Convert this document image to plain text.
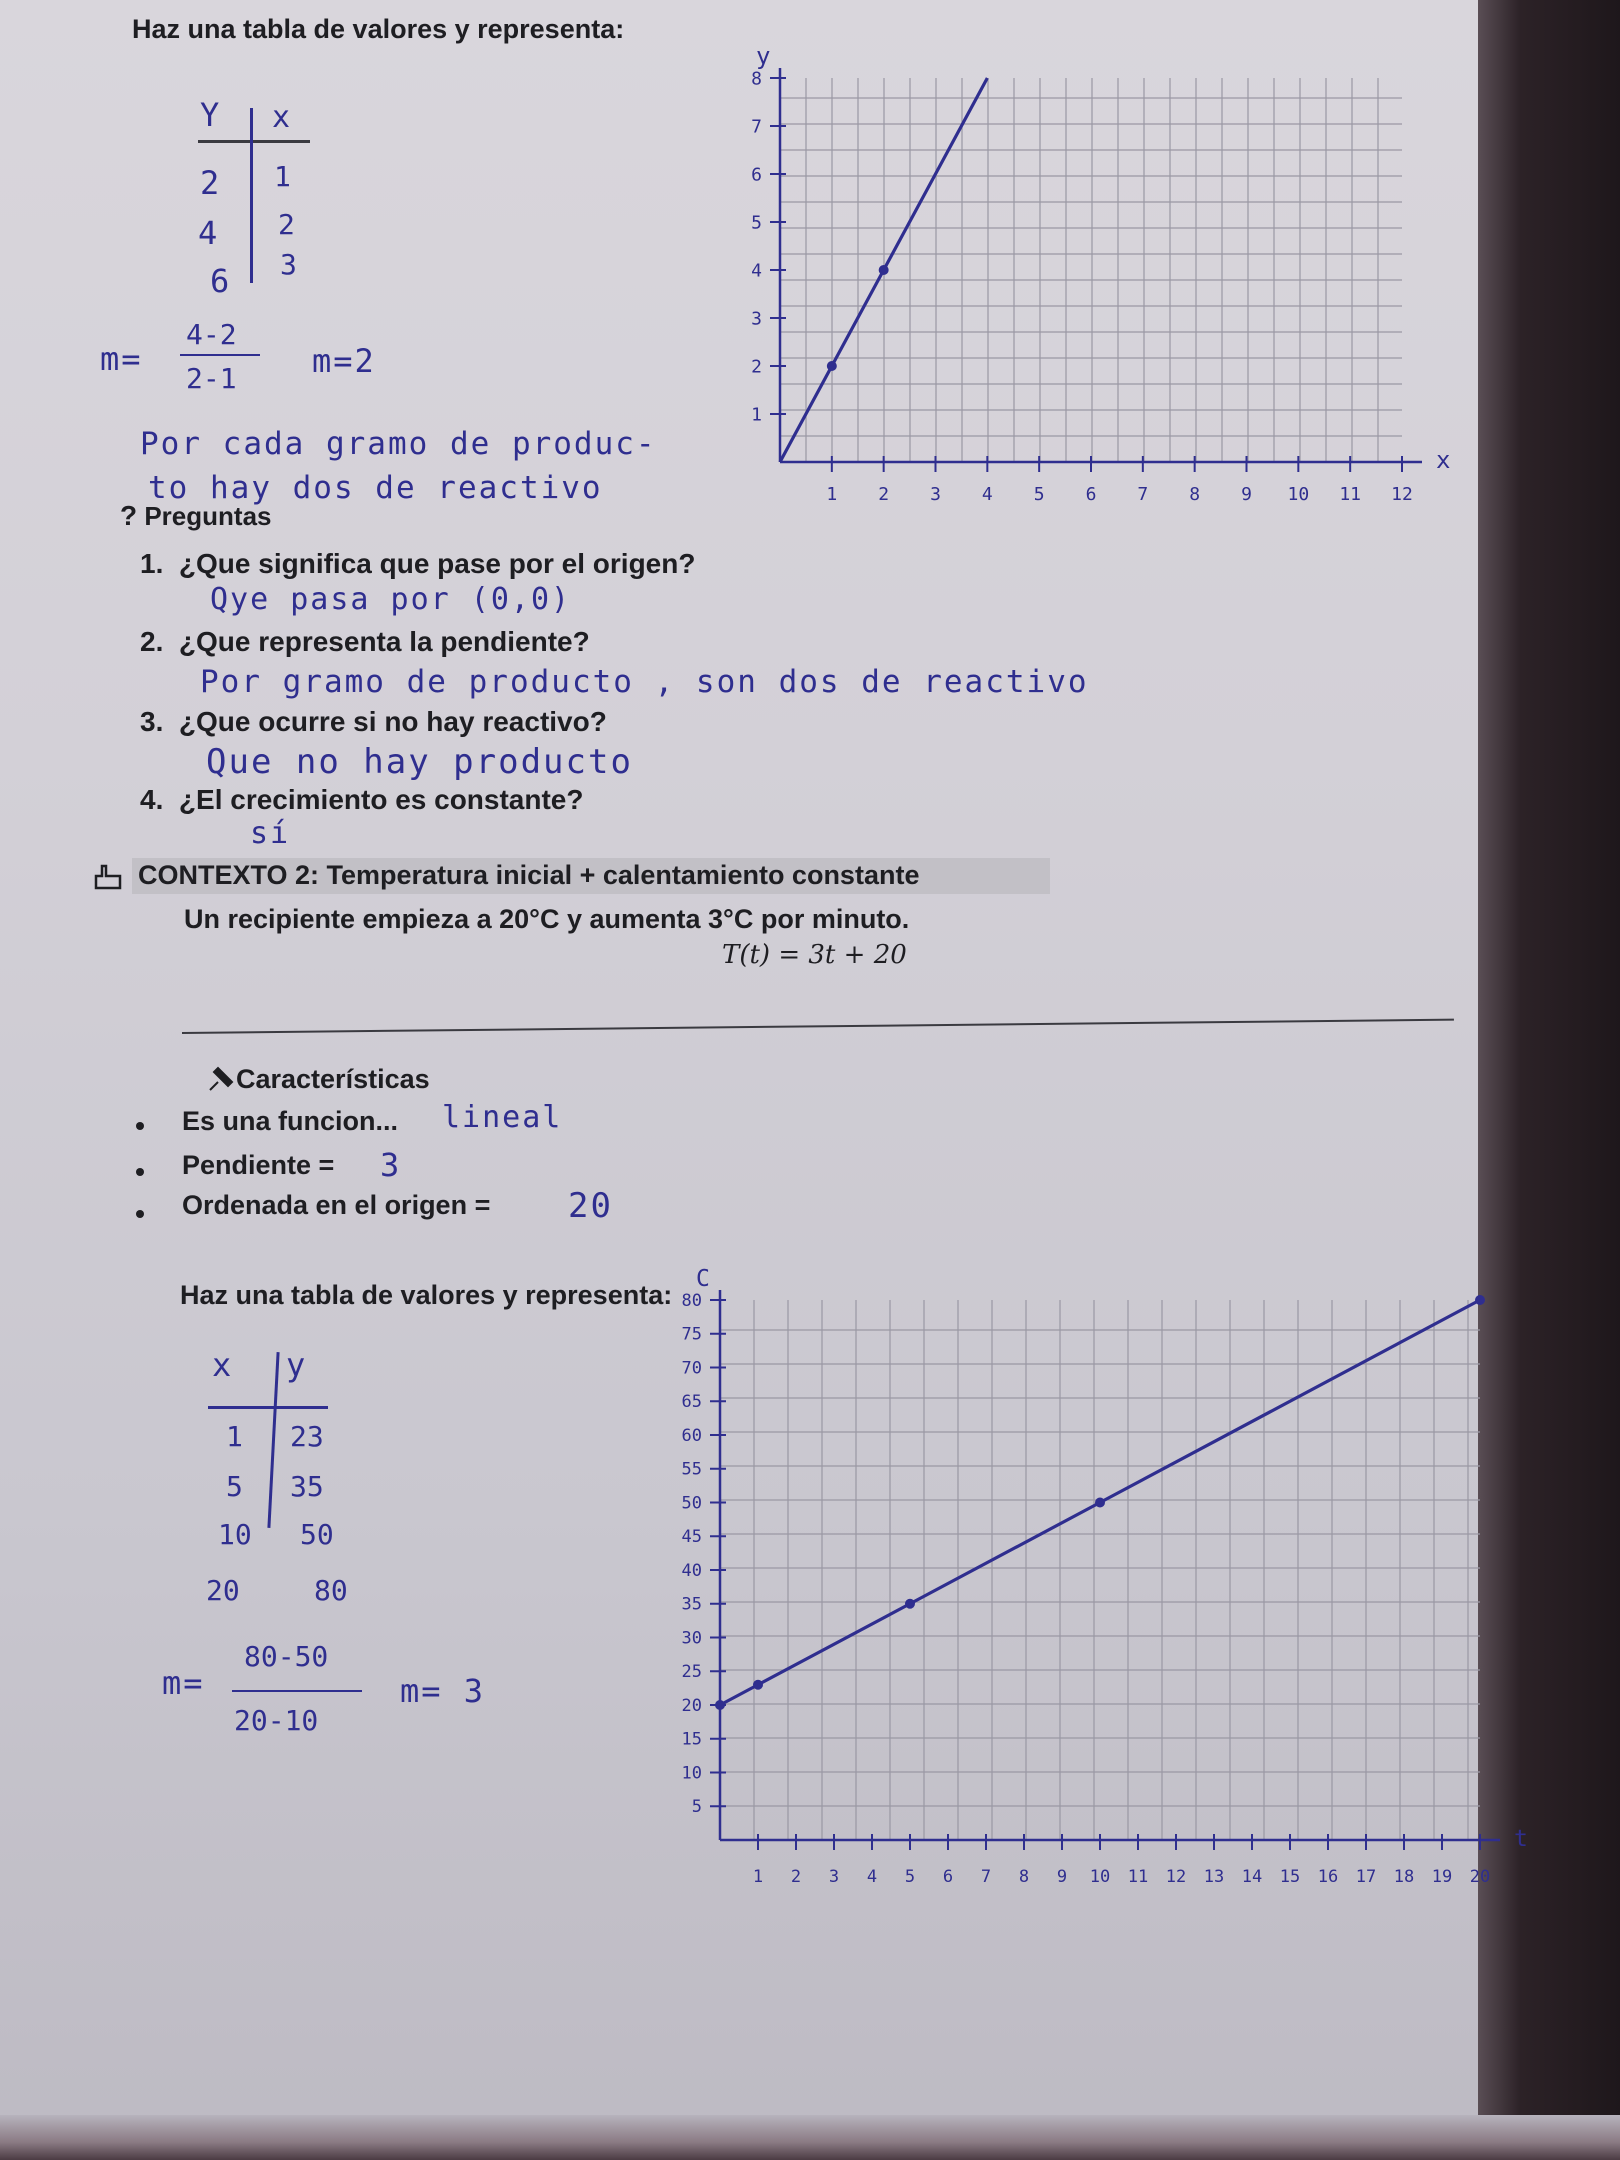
Haz una tabla de valores y representa:
Y x
2 1
4 2
6 3
m=
4-2
2-1 m=2
Por cada gramo de produc-
to hay dos de reactivo	1 2 3 4 5 6 7 8 9 10 11 12
1
2
3
4
5
6
7
8
x
y
? Preguntas
1. ¿Que significa que pase por el origen?
Qye pasa por (0,0)
2. ¿Que representa la pendiente?
Por gramo de producto , son dos de reactivo
3. ¿Que ocurre si no hay reactivo?
Que no hay producto
4. ¿El crecimiento es constante?
sí
CONTEXTO 2: Temperatura inicial + calentamiento constante
Un recipiente empieza a 20°C y aumenta 3°C por minuto.
T(t) = 3t + 20
Características
Es una funcion... lineal
Pendiente = 3
Ordenada en el origen = 20
Haz una tabla de valores y representa:
x y
1 23
5 35
10 50
20	80
m=
80-50
20-10
m= 3
1 2 3 4 5 6 7 8 9 10 11 12 13 14 15 16 17 18 19 20
5
10
15
20
25
30
35
40
45
50
55
60
65
70
75
80
t
C
